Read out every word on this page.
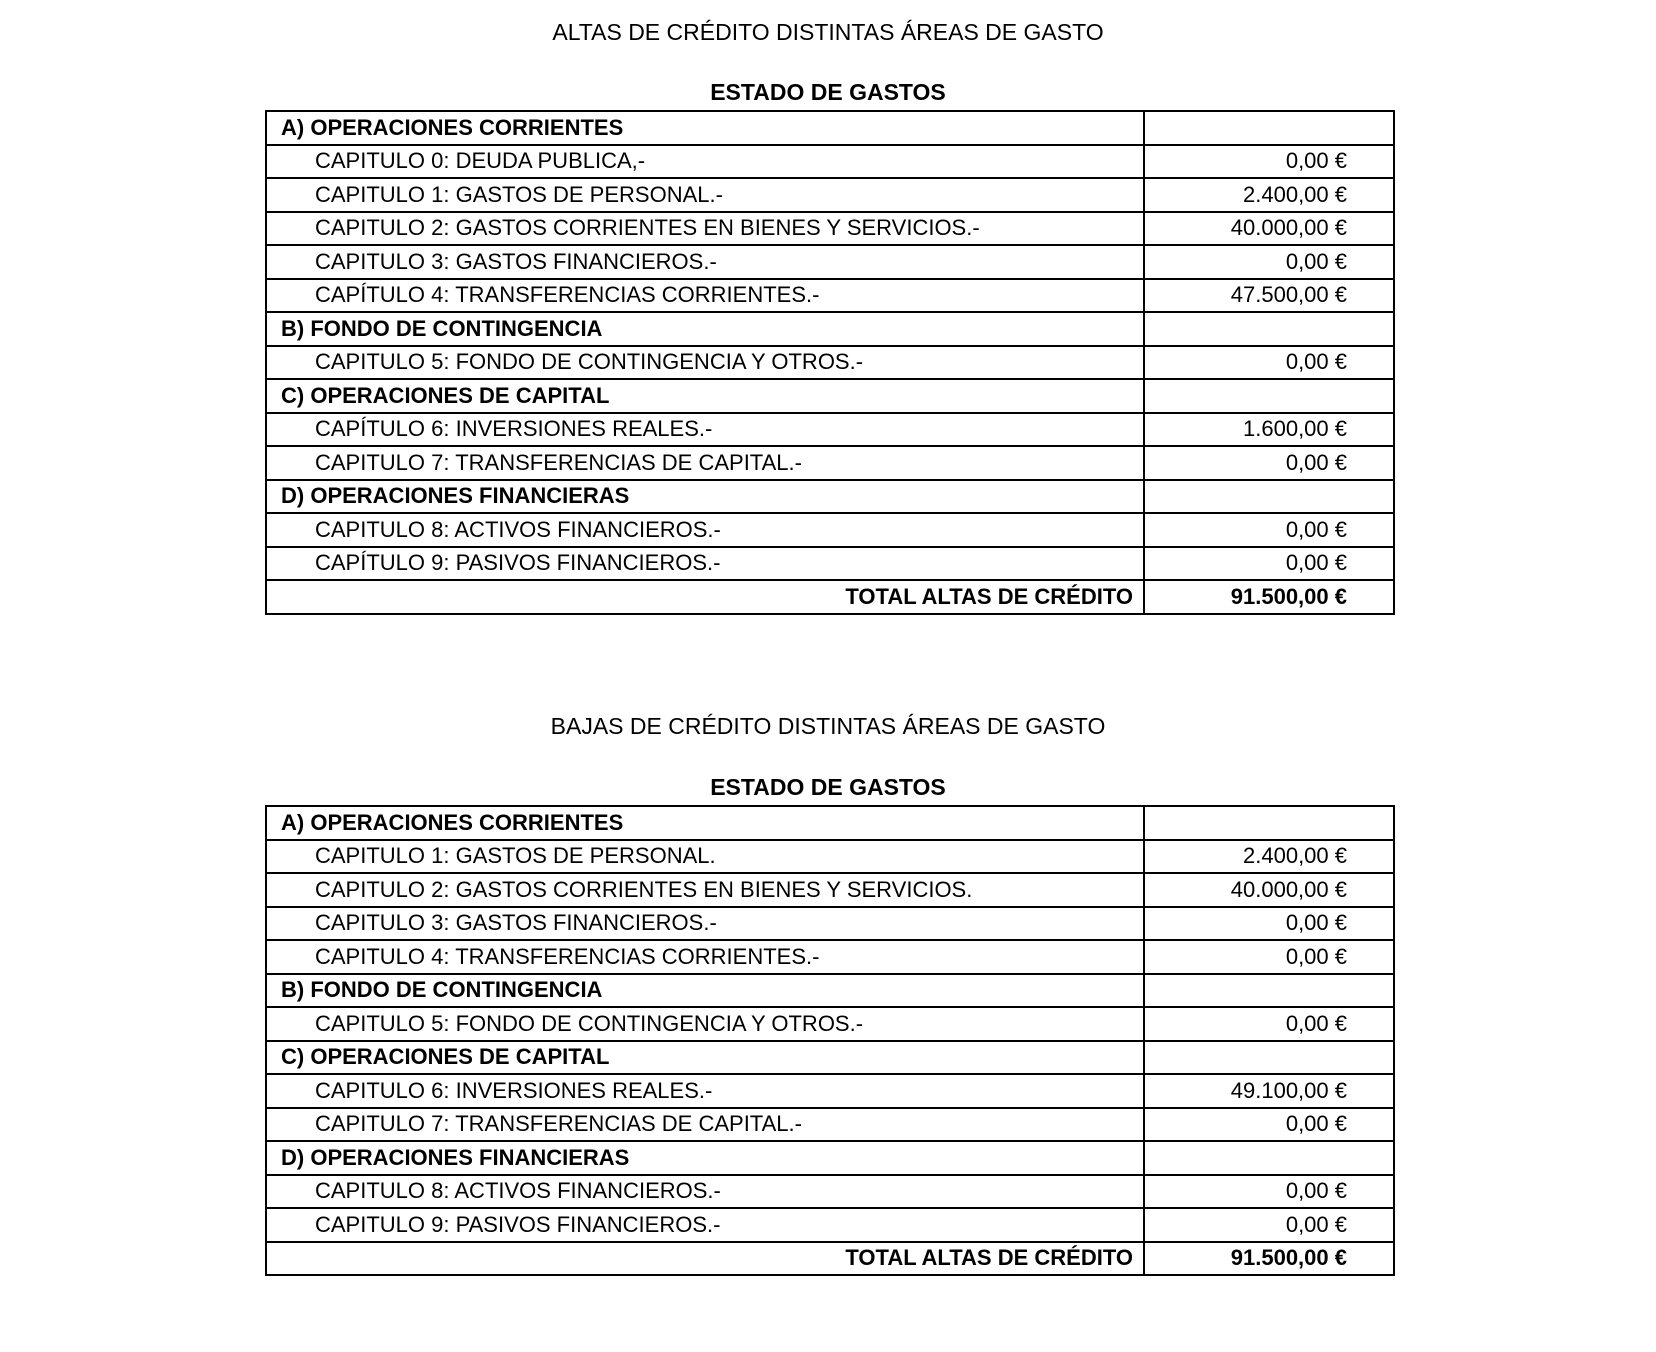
ALTAS DE CRÉDITO DISTINTAS ÁREAS DE GASTO
ESTADO DE GASTOS
A) OPERACIONES CORRIENTES	
CAPITULO 0: DEUDA PUBLICA,-	0,00 €
CAPITULO 1: GASTOS DE PERSONAL.-	2.400,00 €
CAPITULO 2: GASTOS CORRIENTES EN BIENES Y SERVICIOS.-	40.000,00 €
CAPITULO 3: GASTOS FINANCIEROS.-	0,00 €
CAPÍTULO 4: TRANSFERENCIAS CORRIENTES.-	47.500,00 €
B) FONDO DE CONTINGENCIA	
CAPITULO 5: FONDO DE CONTINGENCIA Y OTROS.-	0,00 €
C) OPERACIONES DE CAPITAL	
CAPÍTULO 6: INVERSIONES REALES.-	1.600,00 €
CAPITULO 7: TRANSFERENCIAS DE CAPITAL.-	0,00 €
D) OPERACIONES FINANCIERAS	
CAPITULO 8: ACTIVOS FINANCIEROS.-	0,00 €
CAPÍTULO 9: PASIVOS FINANCIEROS.-	0,00 €
TOTAL ALTAS DE CRÉDITO	91.500,00 €
BAJAS DE CRÉDITO DISTINTAS ÁREAS DE GASTO
ESTADO DE GASTOS
A) OPERACIONES CORRIENTES	
CAPITULO 1: GASTOS DE PERSONAL.	2.400,00 €
CAPITULO 2: GASTOS CORRIENTES EN BIENES Y SERVICIOS.	40.000,00 €
CAPITULO 3: GASTOS FINANCIEROS.-	0,00 €
CAPITULO 4: TRANSFERENCIAS CORRIENTES.-	0,00 €
B) FONDO DE CONTINGENCIA	
CAPITULO 5: FONDO DE CONTINGENCIA Y OTROS.-	0,00 €
C) OPERACIONES DE CAPITAL	
CAPITULO 6: INVERSIONES REALES.-	49.100,00 €
CAPITULO 7: TRANSFERENCIAS DE CAPITAL.-	0,00 €
D) OPERACIONES FINANCIERAS	
CAPITULO 8: ACTIVOS FINANCIEROS.-	0,00 €
CAPITULO 9: PASIVOS FINANCIEROS.-	0,00 €
TOTAL ALTAS DE CRÉDITO	91.500,00 €
